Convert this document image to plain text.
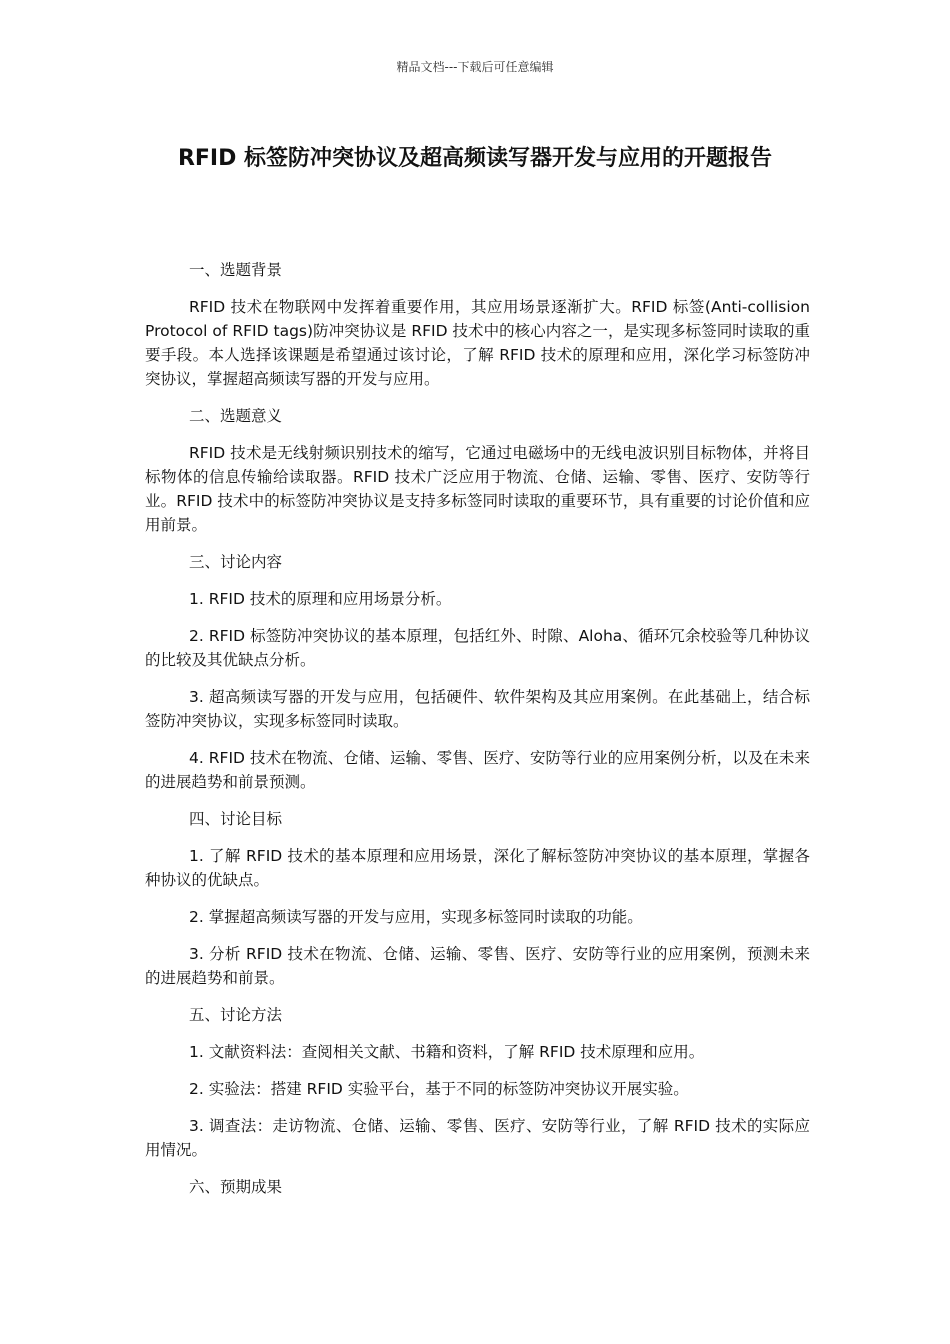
精品文档---下载后可任意编辑
RFID 标签防冲突协议及超高频读写器开发与应用的开题报告

一、选题背景

RFID 技术在物联网中发挥着重要作用，其应用场景逐渐扩大。RFID 标签(Anti-collision Protocol of RFID tags)防冲突协议是 RFID 技术中的核心内容之一，是实现多标签同时读取的重要手段。本人选择该课题是希望通过该讨论，了解 RFID 技术的原理和应用，深化学习标签防冲突协议，掌握超高频读写器的开发与应用。

二、选题意义

RFID 技术是无线射频识别技术的缩写，它通过电磁场中的无线电波识别目标物体，并将目标物体的信息传输给读取器。RFID 技术广泛应用于物流、仓储、运输、零售、医疗、安防等行业。RFID 技术中的标签防冲突协议是支持多标签同时读取的重要环节，具有重要的讨论价值和应用前景。

三、讨论内容

1. RFID 技术的原理和应用场景分析。

2. RFID 标签防冲突协议的基本原理，包括红外、时隙、Aloha、循环冗余校验等几种协议的比较及其优缺点分析。

3. 超高频读写器的开发与应用，包括硬件、软件架构及其应用案例。在此基础上，结合标签防冲突协议，实现多标签同时读取。

4. RFID 技术在物流、仓储、运输、零售、医疗、安防等行业的应用案例分析，以及在未来的进展趋势和前景预测。

四、讨论目标

1. 了解 RFID 技术的基本原理和应用场景，深化了解标签防冲突协议的基本原理，掌握各种协议的优缺点。

2. 掌握超高频读写器的开发与应用，实现多标签同时读取的功能。

3. 分析 RFID 技术在物流、仓储、运输、零售、医疗、安防等行业的应用案例，预测未来的进展趋势和前景。

五、讨论方法

1. 文献资料法：查阅相关文献、书籍和资料，了解 RFID 技术原理和应用。

2. 实验法：搭建 RFID 实验平台，基于不同的标签防冲突协议开展实验。

3. 调查法：走访物流、仓储、运输、零售、医疗、安防等行业，了解 RFID 技术的实际应用情况。

六、预期成果
